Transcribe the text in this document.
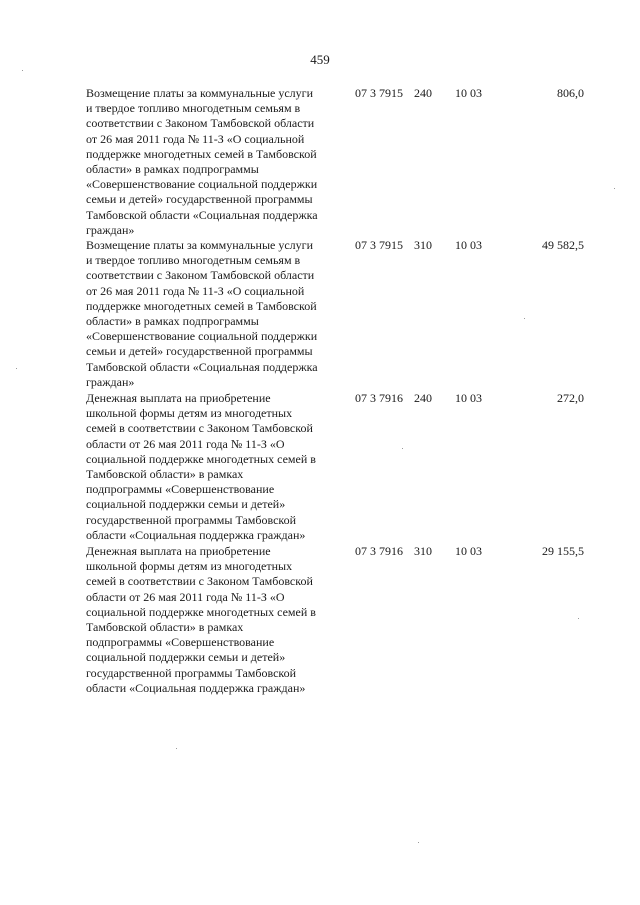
459
Возмещение платы за коммунальные услуги
и твердое топливо многодетным семьям в
соответствии с Законом Тамбовской области
от 26 мая 2011 года № 11-З «О социальной
поддержке многодетных семей в Тамбовской
области» в рамках подпрограммы
«Совершенствование социальной поддержки
семьи и детей» государственной программы
Тамбовской области «Социальная поддержка
граждан»
07 3 7915 240 10 03	806,0
Возмещение платы за коммунальные услуги
и твердое топливо многодетным семьям в
соответствии с Законом Тамбовской области
от 26 мая 2011 года № 11-З «О социальной
поддержке многодетных семей в Тамбовской
области» в рамках подпрограммы
«Совершенствование социальной поддержки
семьи и детей» государственной программы
Тамбовской области «Социальная поддержка
граждан»
07 3 7915 310 10 03	49 582,5
Денежная выплата на приобретение
школьной формы детям из многодетных
семей в соответствии с Законом Тамбовской
области от 26 мая 2011 года № 11-З «О
социальной поддержке многодетных семей в
Тамбовской области» в рамках
подпрограммы «Совершенствование
социальной поддержки семьи и детей»
государственной программы Тамбовской
области «Социальная поддержка граждан»
07 3 7916 240 10 03	272,0
Денежная выплата на приобретение
школьной формы детям из многодетных
семей в соответствии с Законом Тамбовской
области от 26 мая 2011 года № 11-З «О
социальной поддержке многодетных семей в
Тамбовской области» в рамках
подпрограммы «Совершенствование
социальной поддержки семьи и детей»
государственной программы Тамбовской
области «Социальная поддержка граждан»
07 3 7916 310 10 03	29 155,5
